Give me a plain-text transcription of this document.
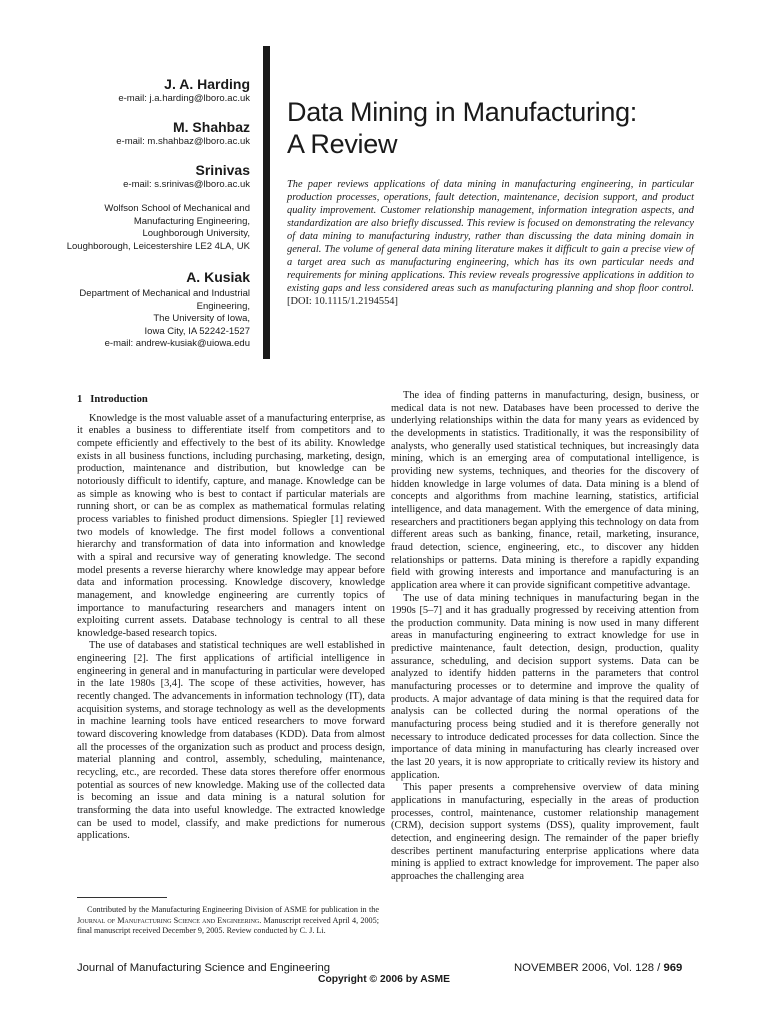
J. A. Harding
e-mail: j.a.harding@lboro.ac.uk
M. Shahbaz
e-mail: m.shahbaz@lboro.ac.uk
Srinivas
e-mail: s.srinivas@lboro.ac.uk
Wolfson School of Mechanical and
Manufacturing Engineering,
Loughborough University,
Loughborough, Leicestershire LE2 4LA, UK
A. Kusiak
Department of Mechanical and Industrial
Engineering,
The University of Iowa,
Iowa City, IA 52242-1527
e-mail: andrew-kusiak@uiowa.edu
Data Mining in Manufacturing:
A Review
The paper reviews applications of data mining in manufacturing engineering, in particular production processes, operations, fault detection, maintenance, decision support, and product quality improvement. Customer relationship management, information integration aspects, and standardization are also briefly discussed. This review is focused on demonstrating the relevancy of data mining to manufacturing industry, rather than discussing the data mining domain in general. The volume of general data mining literature makes it difficult to gain a precise view of a target area such as manufacturing engineering, which has its own particular needs and requirements for mining applications. This review reveals progressive applications in addition to existing gaps and less considered areas such as manufacturing planning and shop floor control. [DOI: 10.1115/1.2194554]
1 Introduction

Knowledge is the most valuable asset of a manufacturing enterprise, as it enables a business to differentiate itself from competitors and to compete efficiently and effectively to the best of its ability. Knowledge exists in all business functions, including purchasing, marketing, design, production, maintenance and distribution, but knowledge can be notoriously difficult to identify, capture, and manage. Knowledge can be as simple as knowing who is best to contact if particular materials are running short, or can be as complex as mathematical formulas relating process variables to finished product dimensions. Spiegler [1] reviewed two models of knowledge. The first model follows a conventional hierarchy and transformation of data into information and knowledge with a spiral and recursive way of generating knowledge. The second model presents a reverse hierarchy where knowledge may appear before data and information processing. Knowledge discovery, knowledge management, and knowledge engineering are currently topics of importance to manufacturing researchers and managers intent on exploiting current assets. Database technology is central to all these knowledge-based research topics.

The use of databases and statistical techniques are well established in engineering [2]. The first applications of artificial intelligence in engineering in general and in manufacturing in particular were developed in the late 1980s [3,4]. The scope of these activities, however, has recently changed. The advancements in information technology (IT), data acquisition systems, and storage technology as well as the developments in machine learning tools have enticed researchers to move forward toward discovering knowledge from databases (KDD). Data from almost all the processes of the organization such as product and process design, material planning and control, assembly, scheduling, maintenance, recycling, etc., are recorded. These data stores therefore offer enormous potential as sources of new knowledge. Making use of the collected data is becoming an issue and data mining is a natural solution for transforming the data into useful knowledge. The extracted knowledge can be used to model, classify, and make predictions for numerous applications.

Contributed by the Manufacturing Engineering Division of ASME for publication in the Journal of Manufacturing Science and Engineering. Manuscript received April 4, 2005; final manuscript received December 9, 2005. Review conducted by C. J. Li.

The idea of finding patterns in manufacturing, design, business, or medical data is not new. Databases have been processed to derive the underlying relationships within the data for many years as evidenced by the developments in statistics. Traditionally, it was the responsibility of analysts, who generally used statistical techniques, but increasingly data mining, which is an emerging area of computational intelligence, is providing new systems, techniques, and theories for the discovery of hidden knowledge in large volumes of data. Data mining is a blend of concepts and algorithms from machine learning, statistics, artificial intelligence, and data management. With the emergence of data mining, researchers and practitioners began applying this technology on data from different areas such as banking, finance, retail, marketing, insurance, fraud detection, science, engineering, etc., to discover any hidden relationships or patterns. Data mining is therefore a rapidly expanding field with growing interests and importance and manufacturing is an application area where it can provide significant competitive advantage.

The use of data mining techniques in manufacturing began in the 1990s [5–7] and it has gradually progressed by receiving attention from the production community. Data mining is now used in many different areas in manufacturing engineering to extract knowledge for use in predictive maintenance, fault detection, design, production, quality assurance, scheduling, and decision support systems. Data can be analyzed to identify hidden patterns in the parameters that control manufacturing processes or to determine and improve the quality of products. A major advantage of data mining is that the required data for analysis can be collected during the normal operations of the manufacturing process being studied and it is therefore generally not necessary to introduce dedicated processes for data collection. Since the importance of data mining in manufacturing has clearly increased over the last 20 years, it is now appropriate to critically review its history and application.

This paper presents a comprehensive overview of data mining applications in manufacturing, especially in the areas of production processes, control, maintenance, customer relationship management (CRM), decision support systems (DSS), quality improvement, fault detection, and engineering design. The remainder of the paper briefly describes pertinent manufacturing enterprise applications where data mining is applied to extract knowledge for improvement. The paper also approaches the challenging area

Journal of Manufacturing Science and Engineering	NOVEMBER 2006, Vol. 128 / 969
Copyright © 2006 by ASME
